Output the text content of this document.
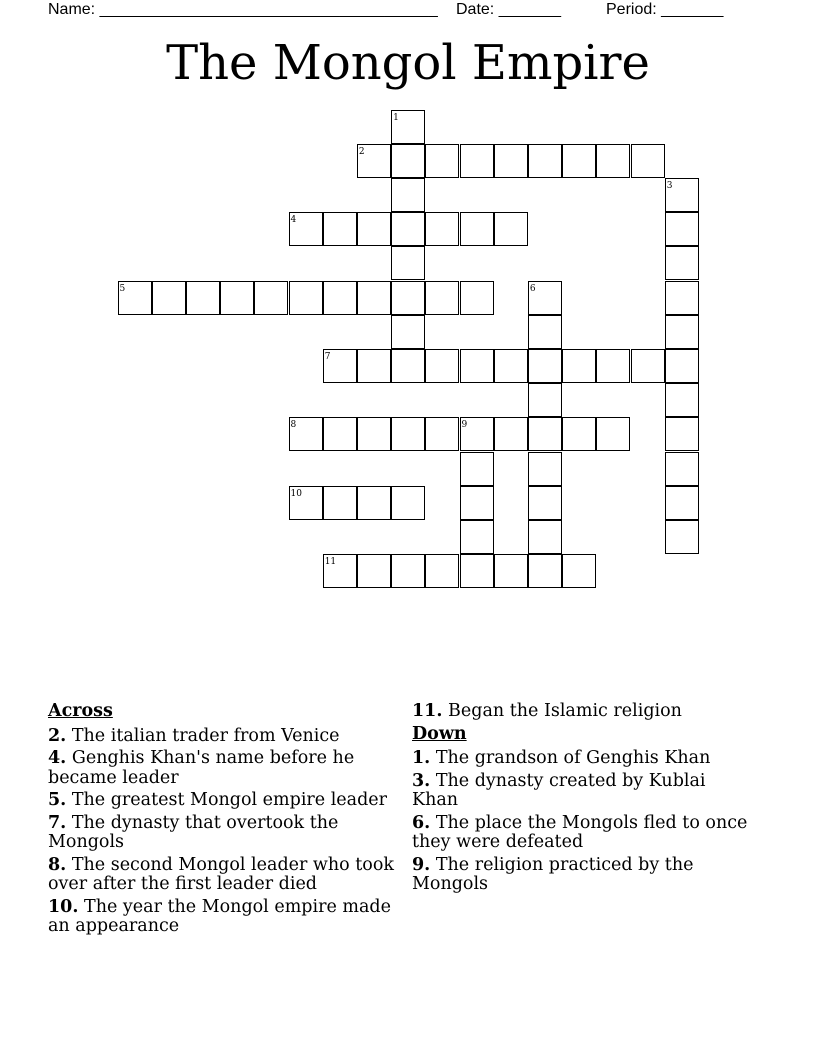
Name: ______________________________________ Date: _______	Period: _______
The Mongol Empire
1
2
3
4
5	6
7
8	9
10
11
Across
2. The italian trader from Venice
4. Genghis Khan's name before he became leader
5. The greatest Mongol empire leader
7. The dynasty that overtook the Mongols
8. The second Mongol leader who took over after the first leader died
10. The year the Mongol empire made an appearance
11. Began the Islamic religion
Down
1. The grandson of Genghis Khan
3. The dynasty created by Kublai Khan
6. The place the Mongols fled to once they were defeated
9. The religion practiced by the Mongols
